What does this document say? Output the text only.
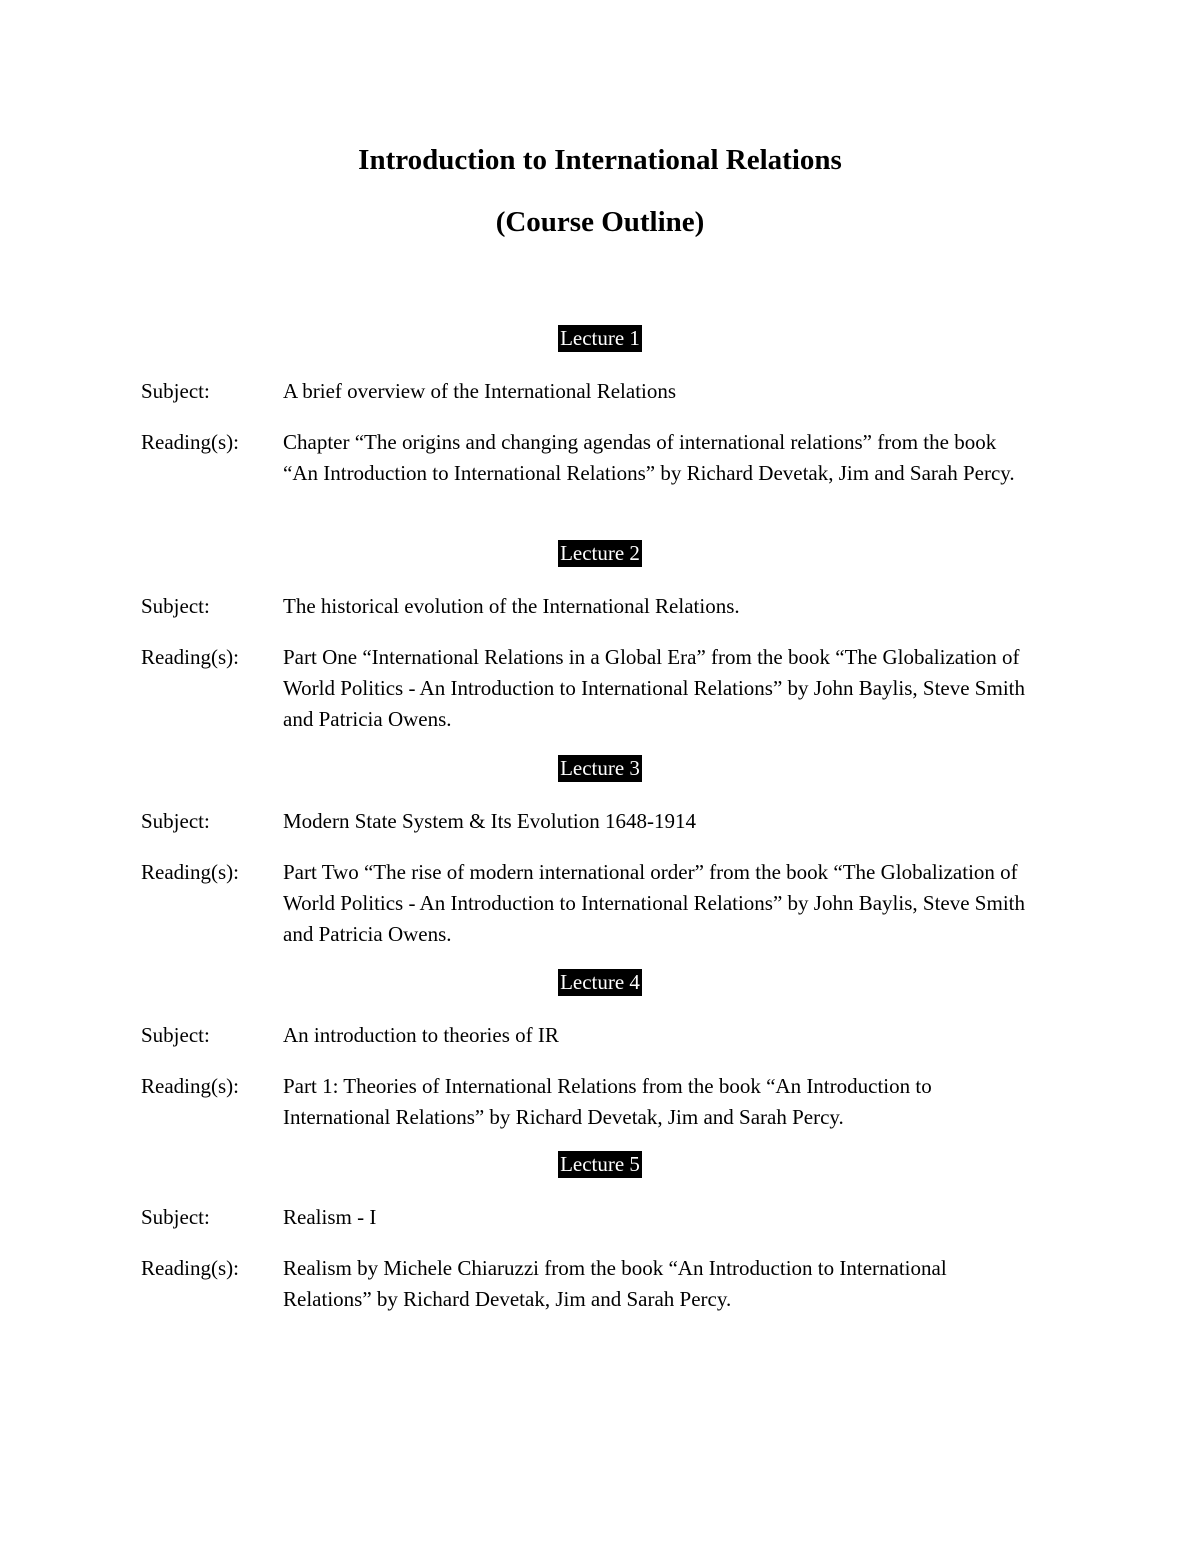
Introduction to International Relations
(Course Outline)
Lecture 1
Subject:	A brief overview of the International Relations
Reading(s):	Chapter “The origins and changing agendas of international relations” from the book “An Introduction to International Relations” by Richard Devetak, Jim and Sarah Percy.
Lecture 2
Subject:	The historical evolution of the International Relations.
Reading(s):	Part One “International Relations in a Global Era” from the book “The Globalization of World Politics - An Introduction to International Relations” by John Baylis, Steve Smith and Patricia Owens.
Lecture 3
Subject:	Modern State System & Its Evolution 1648-1914
Reading(s):	Part Two “The rise of modern international order” from the book “The Globalization of World Politics - An Introduction to International Relations” by John Baylis, Steve Smith and Patricia Owens.
Lecture 4
Subject:	An introduction to theories of IR
Reading(s):	Part 1: Theories of International Relations from the book “An Introduction to International Relations” by Richard Devetak, Jim and Sarah Percy.
Lecture 5
Subject:	Realism - I
Reading(s):	Realism by Michele Chiaruzzi from the book “An Introduction to International Relations” by Richard Devetak, Jim and Sarah Percy.
